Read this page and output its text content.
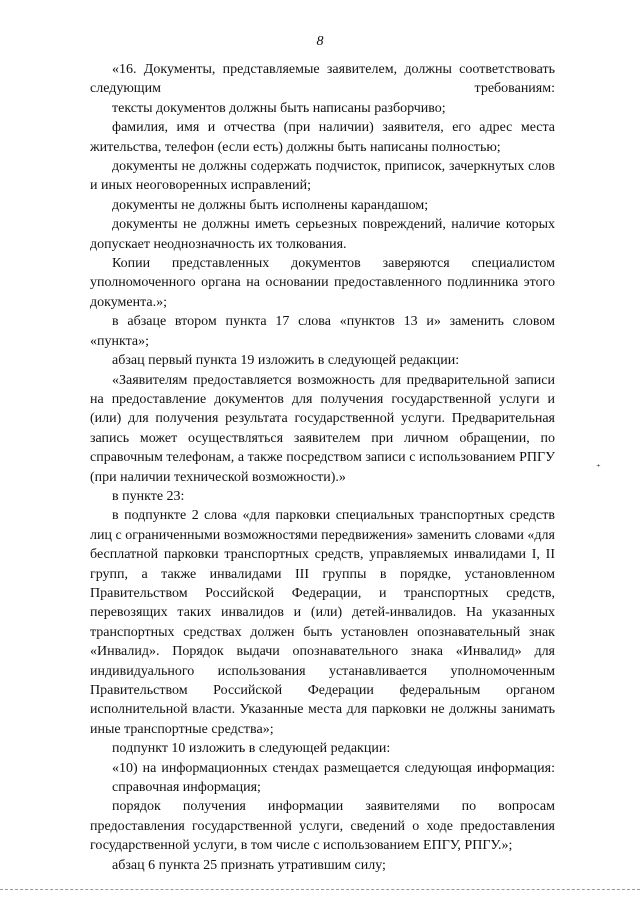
8

«16. Документы, представляемые заявителем, должны соответствовать следующим требованиям:

тексты документов должны быть написаны разборчиво;

фамилия, имя и отчества (при наличии) заявителя, его адрес места жительства, телефон (если есть) должны быть написаны полностью;

документы не должны содержать подчисток, приписок, зачеркнутых слов и иных неоговоренных исправлений;

документы не должны быть исполнены карандашом;

документы не должны иметь серьезных повреждений, наличие которых допускает неоднозначность их толкования.

Копии представленных документов заверяются специалистом уполномоченного органа на основании предоставленного подлинника этого документа.»;

в абзаце втором пункта 17 слова «пунктов 13 и» заменить словом «пункта»;

абзац первый пункта 19 изложить в следующей редакции:

«Заявителям предоставляется возможность для предварительной записи на предоставление документов для получения государственной услуги и (или) для получения результата государственной услуги. Предварительная запись может осуществляться заявителем при личном обращении, по справочным телефонам, а также посредством записи с использованием РПГУ (при наличии технической возможности).»

в пункте 23:

в подпункте 2 слова «для парковки специальных транспортных средств лиц с ограниченными возможностями передвижения» заменить словами «для бесплатной парковки транспортных средств, управляемых инвалидами I, II групп, а также инвалидами III группы в порядке, установленном Правительством Российской Федерации, и транспортных средств, перевозящих таких инвалидов и (или) детей-инвалидов. На указанных транспортных средствах должен быть установлен опознавательный знак «Инвалид». Порядок выдачи опознавательного знака «Инвалид» для индивидуального использования устанавливается уполномоченным Правительством Российской Федерации федеральным органом исполнительной власти. Указанные места для парковки не должны занимать иные транспортные средства»;

подпункт 10 изложить в следующей редакции:

«10) на информационных стендах размещается следующая информация:

справочная информация;

порядок получения информации заявителями по вопросам предоставления государственной услуги, сведений о ходе предоставления государственной услуги, в том числе с использованием ЕПГУ, РПГУ.»;

абзац 6 пункта 25 признать утратившим силу;

⁺
